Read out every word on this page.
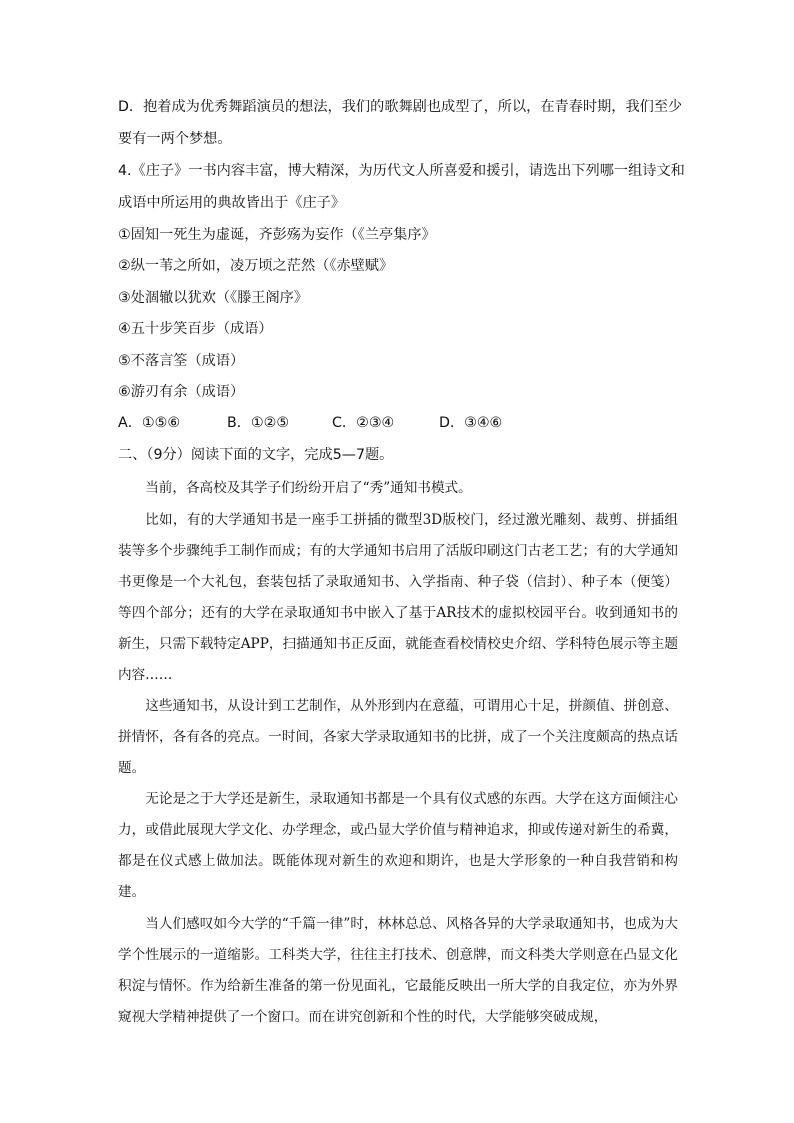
D．抱着成为优秀舞蹈演员的想法，我们的歌舞剧也成型了，所以，在青春时期，我们至少
要有一两个梦想。
4.《庄子》一书内容丰富，博大精深，为历代文人所喜爱和援引，请选出下列哪一组诗文和
成语中所运用的典故皆出于《庄子》
①固知一死生为虚诞，齐彭殇为妄作（《兰亭集序》
②纵一苇之所如，凌万顷之茫然（《赤壁赋》
③处涸辙以犹欢（《滕王阁序》
④五十步笑百步（成语）
⑤不落言筌（成语）
⑥游刃有余（成语）
A．①⑤⑥	B．①②⑤	C．②③④	D．③④⑥
二、（9分）阅读下面的文字，完成5—7题。

当前，各高校及其学子们纷纷开启了“秀”通知书模式。

比如，有的大学通知书是一座手工拼插的微型3D版校门，经过激光雕刻、裁剪、拼插组装等多个步骤纯手工制作而成；有的大学通知书启用了活版印刷这门古老工艺；有的大学通知书更像是一个大礼包，套装包括了录取通知书、入学指南、种子袋（信封）、种子本（便笺）等四个部分；还有的大学在录取通知书中嵌入了基于AR技术的虚拟校园平台。收到通知书的新生，只需下载特定APP，扫描通知书正反面，就能查看校情校史介绍、学科特色展示等主题内容……

这些通知书，从设计到工艺制作，从外形到内在意蕴，可谓用心十足，拼颜值、拼创意、拼情怀，各有各的亮点。一时间，各家大学录取通知书的比拼，成了一个关注度颇高的热点话题。

无论是之于大学还是新生，录取通知书都是一个具有仪式感的东西。大学在这方面倾注心力，或借此展现大学文化、办学理念，或凸显大学价值与精神追求，抑或传递对新生的希冀，都是在仪式感上做加法。既能体现对新生的欢迎和期许，也是大学形象的一种自我营销和构建。

当人们感叹如今大学的“千篇一律”时，林林总总、风格各异的大学录取通知书，也成为大学个性展示的一道缩影。工科类大学，往往主打技术、创意牌，而文科类大学则意在凸显文化积淀与情怀。作为给新生准备的第一份见面礼，它最能反映出一所大学的自我定位，亦为外界窥视大学精神提供了一个窗口。而在讲究创新和个性的时代，大学能够突破成规，
